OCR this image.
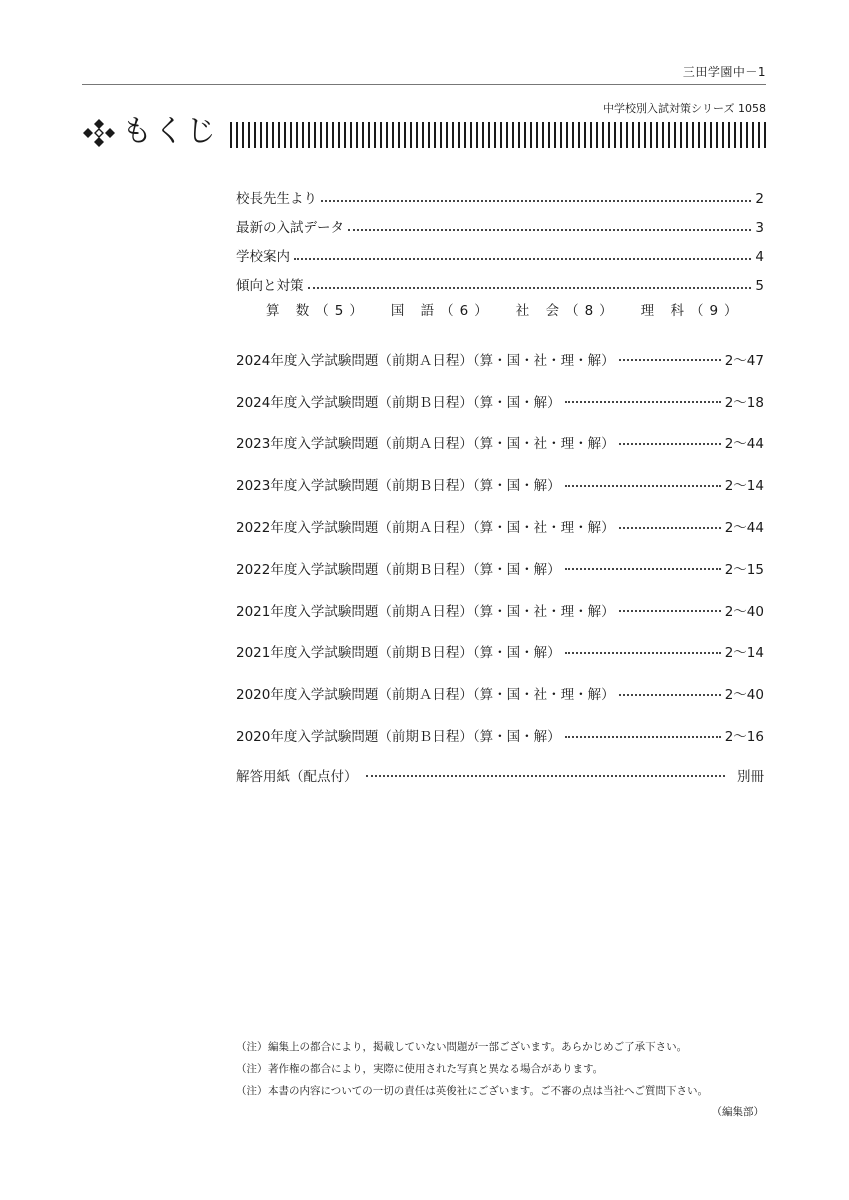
三田学園中－1
中学校別入試対策シリーズ 1058
もくじ
校長先生より	2
最新の入試データ	3
学校案内	4
傾向と対策	5
算 数（5） 国 語（6） 社 会（8） 理 科（9）
2024年度入学試験問題（前期Ａ日程）（算・国・社・理・解）	2〜47
2024年度入学試験問題（前期Ｂ日程）（算・国・解）	2〜18
2023年度入学試験問題（前期Ａ日程）（算・国・社・理・解）	2〜44
2023年度入学試験問題（前期Ｂ日程）（算・国・解）	2〜14
2022年度入学試験問題（前期Ａ日程）（算・国・社・理・解）	2〜44
2022年度入学試験問題（前期Ｂ日程）（算・国・解）	2〜15
2021年度入学試験問題（前期Ａ日程）（算・国・社・理・解）	2〜40
2021年度入学試験問題（前期Ｂ日程）（算・国・解）	2〜14
2020年度入学試験問題（前期Ａ日程）（算・国・社・理・解）	2〜40
2020年度入学試験問題（前期Ｂ日程）（算・国・解）	2〜16
解答用紙（配点付）	別冊
（注） 編集上の都合により，掲載していない問題が一部ございます。あらかじめご了承下さい。
（注） 著作権の都合により，実際に使用された写真と異なる場合があります。
（注） 本書の内容についての一切の責任は英俊社にございます。ご不審の点は当社へご質問下さい。
（編集部）
